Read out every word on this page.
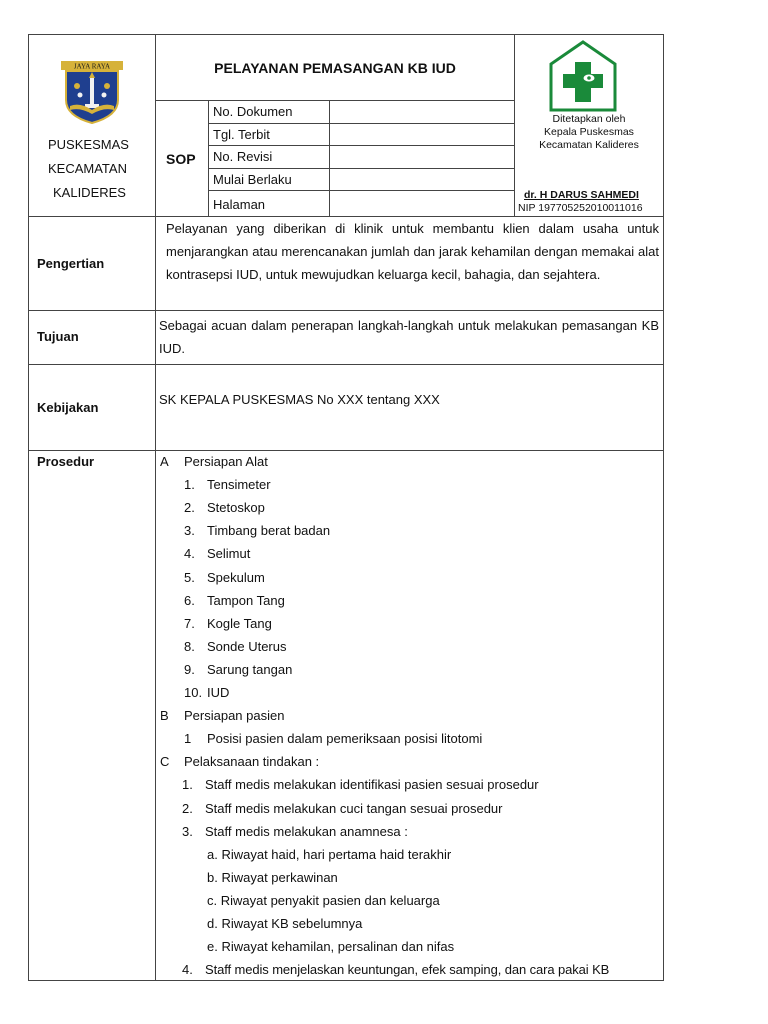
JAYA RAYA
PUSKESMAS
KECAMATAN
KALIDERES
PELAYANAN PEMASANGAN KB IUD
SOP
No. Dokumen
Tgl. Terbit
No. Revisi
Mulai Berlaku
Halaman
Ditetapkan oleh
Kepala Puskesmas
Kecamatan Kalideres
dr. H DARUS SAHMEDI
NIP 197705252010011016
Pengertian
Pelayanan yang diberikan di klinik untuk membantu klien dalam usaha untuk menjarangkan atau merencanakan jumlah dan jarak kehamilan dengan memakai alat kontrasepsi IUD, untuk mewujudkan keluarga kecil, bahagia, dan sejahtera.
Tujuan
Sebagai acuan dalam penerapan langkah-langkah untuk melakukan pemasangan KB IUD.
Kebijakan
SK KEPALA PUSKESMAS No XXX tentang XXX
Prosedur	A Persiapan Alat
1. Tensimeter
2. Stetoskop
3. Timbang berat badan
4. Selimut
5. Spekulum
6. Tampon Tang
7. Kogle Tang
8. Sonde Uterus
9. Sarung tangan
10. IUD
B Persiapan pasien
1 Posisi pasien dalam pemeriksaan posisi litotomi
C Pelaksanaan tindakan :
1. Staff medis melakukan identifikasi pasien sesuai prosedur
2. Staff medis melakukan cuci tangan sesuai prosedur
3. Staff medis melakukan anamnesa :
a. Riwayat haid, hari pertama haid terakhir
b. Riwayat perkawinan
c. Riwayat penyakit pasien dan keluarga
d. Riwayat KB sebelumnya
e. Riwayat kehamilan, persalinan dan nifas
4. Staff medis menjelaskan keuntungan, efek samping, dan cara pakai KB
